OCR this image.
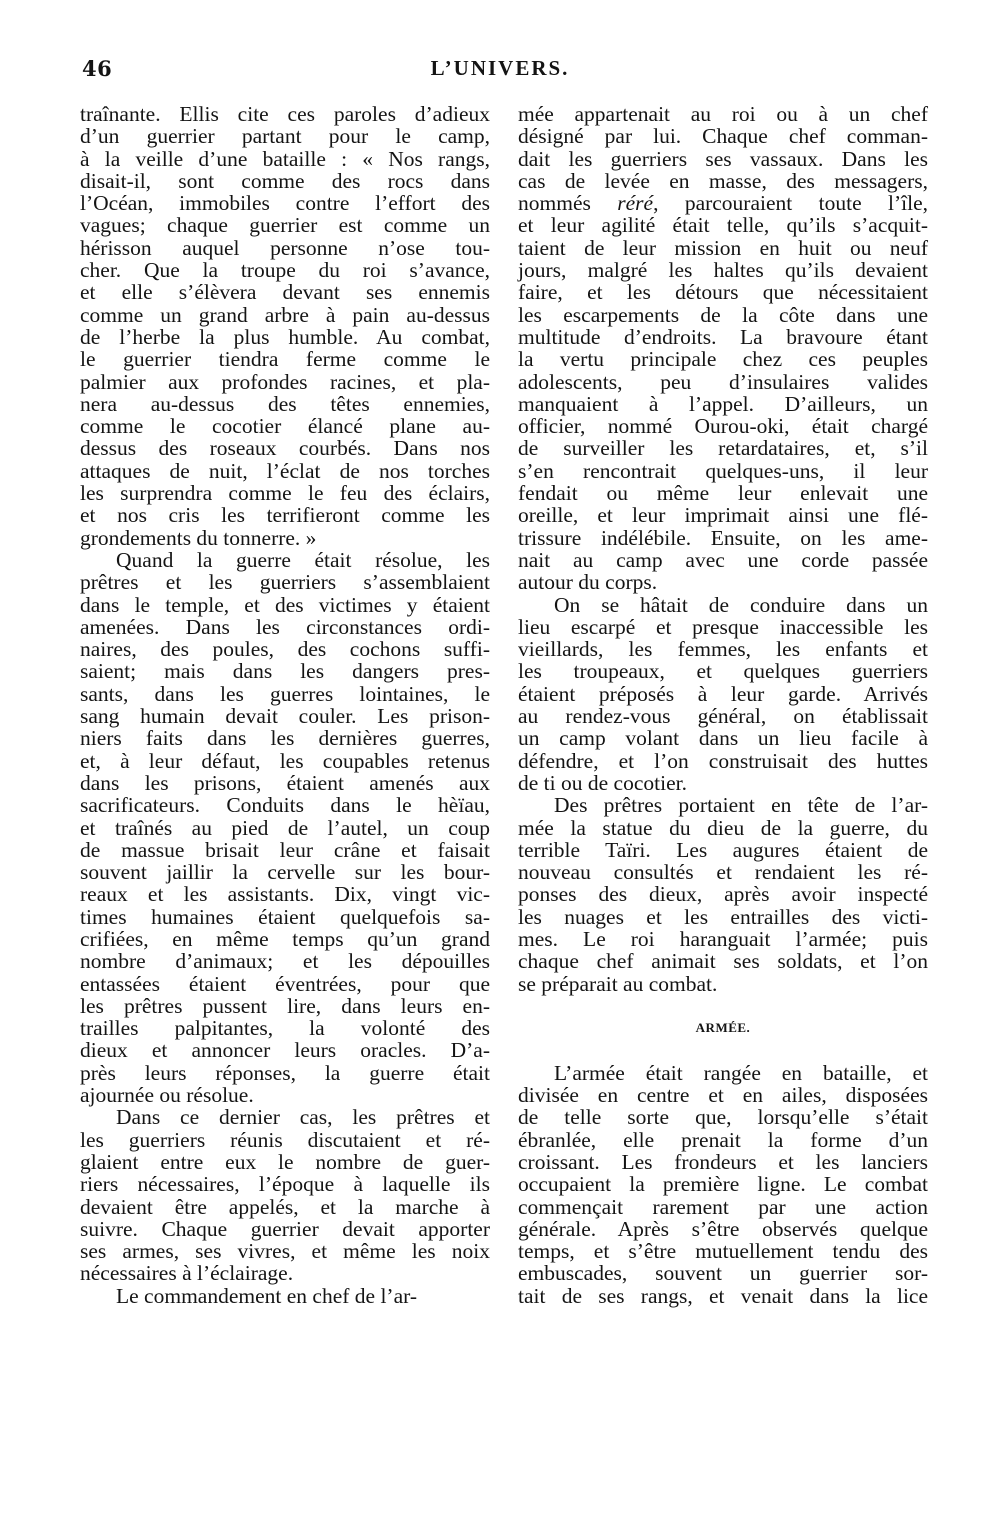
46	L’UNIVERS.
traînante. Ellis cite ces paroles d’adieux
d’un guerrier partant pour le camp,
à la veille d’une bataille : « Nos rangs,
disait-il, sont comme des rocs dans
l’Océan, immobiles contre l’effort des
vagues; chaque guerrier est comme un
hérisson auquel personne n’ose tou-
cher. Que la troupe du roi s’avance,
et elle s’élèvera devant ses ennemis
comme un grand arbre à pain au-dessus
de l’herbe la plus humble. Au combat,
le guerrier tiendra ferme comme le
palmier aux profondes racines, et pla-
nera au-dessus des têtes ennemies,
comme le cocotier élancé plane au-
dessus des roseaux courbés. Dans nos
attaques de nuit, l’éclat de nos torches
les surprendra comme le feu des éclairs,
et nos cris les terrifieront comme les
grondements du tonnerre. »
Quand la guerre était résolue, les
prêtres et les guerriers s’assemblaient
dans le temple, et des victimes y étaient
amenées. Dans les circonstances ordi-
naires, des poules, des cochons suffi-
saient; mais dans les dangers pres-
sants, dans les guerres lointaines, le
sang humain devait couler. Les prison-
niers faits dans les dernières guerres,
et, à leur défaut, les coupables retenus
dans les prisons, étaient amenés aux
sacrificateurs. Conduits dans le hèïau,
et traînés au pied de l’autel, un coup
de massue brisait leur crâne et faisait
souvent jaillir la cervelle sur les bour-
reaux et les assistants. Dix, vingt vic-
times humaines étaient quelquefois sa-
crifiées, en même temps qu’un grand
nombre d’animaux; et les dépouilles
entassées étaient éventrées, pour que
les prêtres pussent lire, dans leurs en-
trailles palpitantes, la volonté des
dieux et annoncer leurs oracles. D’a-
près leurs réponses, la guerre était
ajournée ou résolue.
Dans ce dernier cas, les prêtres et
les guerriers réunis discutaient et ré-
glaient entre eux le nombre de guer-
riers nécessaires, l’époque à laquelle ils
devaient être appelés, et la marche à
suivre. Chaque guerrier devait apporter
ses armes, ses vivres, et même les noix
nécessaires à l’éclairage.
Le commandement en chef de l’ar-
mée appartenait au roi ou à un chef
désigné par lui. Chaque chef comman-
dait les guerriers ses vassaux. Dans les
cas de levée en masse, des messagers,
nommés réré, parcouraient toute l’île,
et leur agilité était telle, qu’ils s’acquit-
taient de leur mission en huit ou neuf
jours, malgré les haltes qu’ils devaient
faire, et les détours que nécessitaient
les escarpements de la côte dans une
multitude d’endroits. La bravoure étant
la vertu principale chez ces peuples
adolescents, peu d’insulaires valides
manquaient à l’appel. D’ailleurs, un
officier, nommé Ourou-oki, était chargé
de surveiller les retardataires, et, s’il
s’en rencontrait quelques-uns, il leur
fendait ou même leur enlevait une
oreille, et leur imprimait ainsi une flé-
trissure indélébile. Ensuite, on les ame-
nait au camp avec une corde passée
autour du corps.
On se hâtait de conduire dans un
lieu escarpé et presque inaccessible les
vieillards, les femmes, les enfants et
les troupeaux, et quelques guerriers
étaient préposés à leur garde. Arrivés
au rendez-vous général, on établissait
un camp volant dans un lieu facile à
défendre, et l’on construisait des huttes
de ti ou de cocotier.
Des prêtres portaient en tête de l’ar-
mée la statue du dieu de la guerre, du
terrible Taïri. Les augures étaient de
nouveau consultés et rendaient les ré-
ponses des dieux, après avoir inspecté
les nuages et les entrailles des victi-
mes. Le roi haranguait l’armée; puis
chaque chef animait ses soldats, et l’on
se préparait au combat.
ARMÉE.
L’armée était rangée en bataille, et
divisée en centre et en ailes, disposées
de telle sorte que, lorsqu’elle s’était
ébranlée, elle prenait la forme d’un
croissant. Les frondeurs et les lanciers
occupaient la première ligne. Le combat
commençait rarement par une action
générale. Après s’être observés quelque
temps, et s’être mutuellement tendu des
embuscades, souvent un guerrier sor-
tait de ses rangs, et venait dans la lice
